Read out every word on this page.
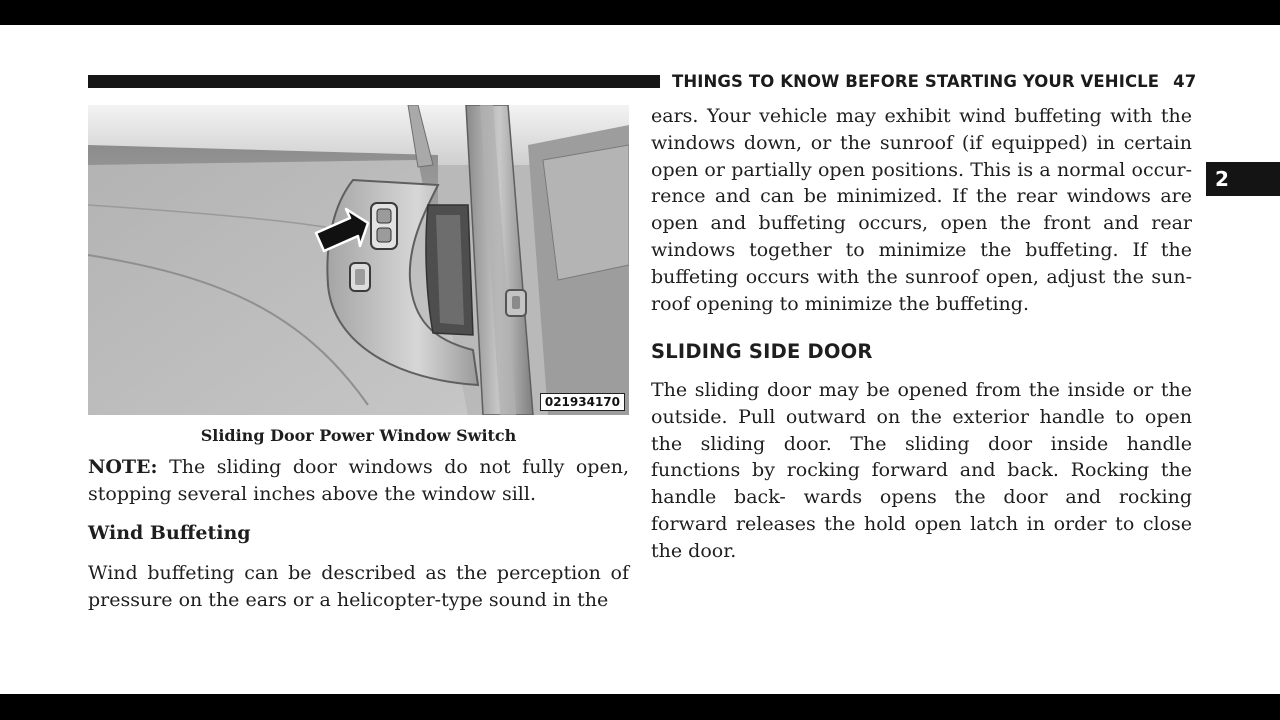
THINGS TO KNOW BEFORE STARTING YOUR VEHICLE 47
2
021934170
Sliding Door Power Window Switch

NOTE: The sliding door windows do not fully open, stopping several inches above the window sill.

Wind Buffeting

Wind buffeting can be described as the perception of pressure on the ears or a helicopter-type sound in the

ears. Your vehicle may exhibit wind buffeting with the windows down, or the sunroof (if equipped) in certain open or partially open positions. This is a normal occur- rence and can be minimized. If the rear windows are open and buffeting occurs, open the front and rear windows together to minimize the buffeting. If the buffeting occurs with the sunroof open, adjust the sun- roof opening to minimize the buffeting.

SLIDING SIDE DOOR

The sliding door may be opened from the inside or the outside. Pull outward on the exterior handle to open the sliding door. The sliding door inside handle functions by rocking forward and back. Rocking the handle back- wards opens the door and rocking forward releases the hold open latch in order to close the door.
